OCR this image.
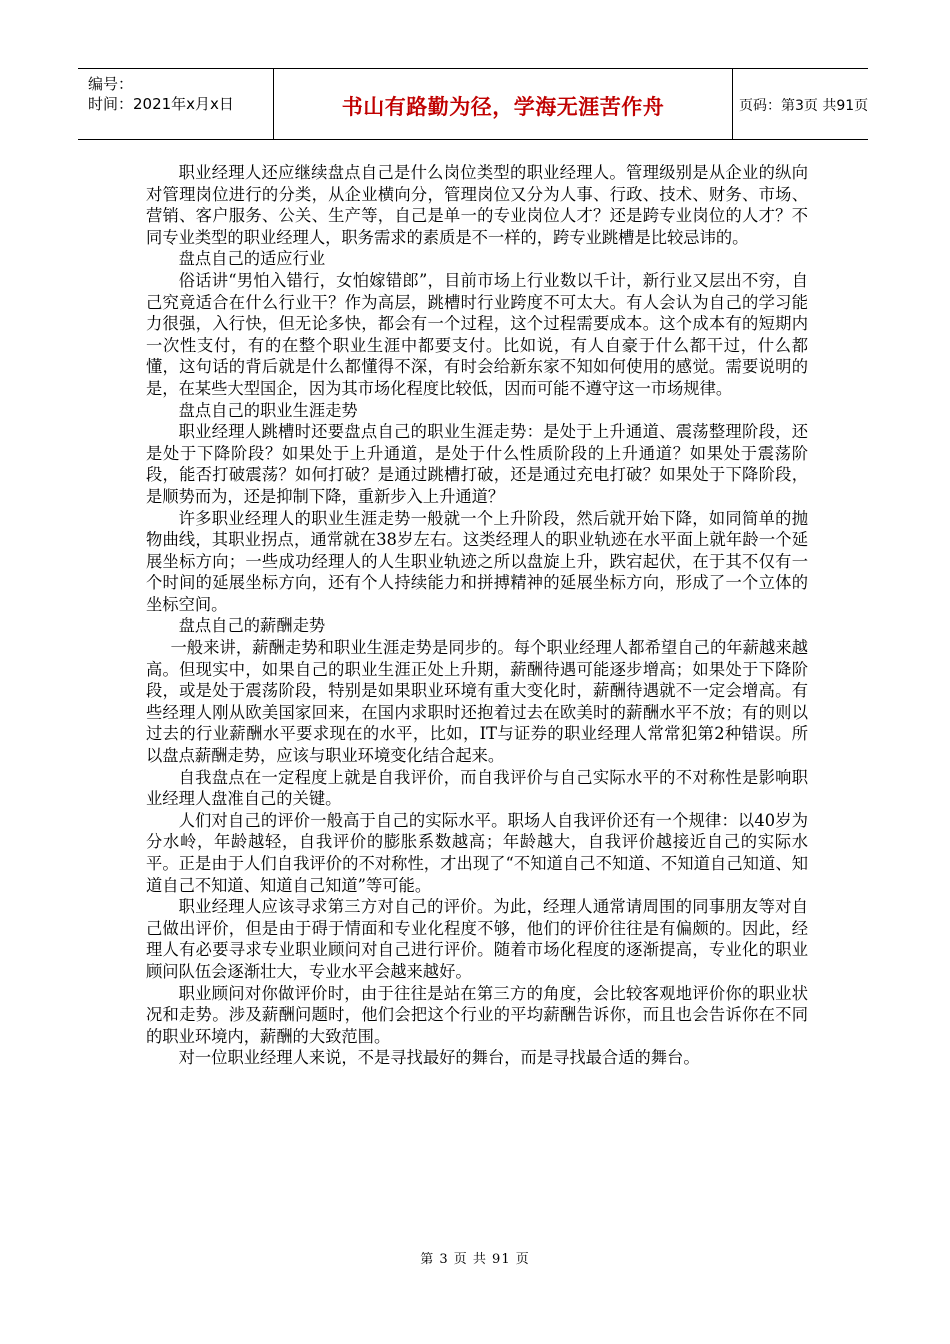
编号：
时间：2021年x月x日	书山有路勤为径，学海无涯苦作舟	页码：第3页 共91页

职业经理人还应继续盘点自己是什么岗位类型的职业经理人。管理级别是从企业的纵向对管理岗位进行的分类，从企业横向分，管理岗位又分为人事、行政、技术、财务、市场、营销、客户服务、公关、生产等，自己是单一的专业岗位人才？还是跨专业岗位的人才？不同专业类型的职业经理人，职务需求的素质是不一样的，跨专业跳槽是比较忌讳的。

盘点自己的适应行业

俗话讲“男怕入错行，女怕嫁错郎”，目前市场上行业数以千计，新行业又层出不穷，自己究竟适合在什么行业干？作为高层，跳槽时行业跨度不可太大。有人会认为自己的学习能力很强，入行快，但无论多快，都会有一个过程，这个过程需要成本。这个成本有的短期内一次性支付，有的在整个职业生涯中都要支付。比如说，有人自豪于什么都干过，什么都懂，这句话的背后就是什么都懂得不深，有时会给新东家不知如何使用的感觉。需要说明的是，在某些大型国企，因为其市场化程度比较低，因而可能不遵守这一市场规律。

盘点自己的职业生涯走势

职业经理人跳槽时还要盘点自己的职业生涯走势：是处于上升通道、震荡整理阶段，还是处于下降阶段？如果处于上升通道，是处于什么性质阶段的上升通道？如果处于震荡阶段，能否打破震荡？如何打破？是通过跳槽打破，还是通过充电打破？如果处于下降阶段，是顺势而为，还是抑制下降，重新步入上升通道？

许多职业经理人的职业生涯走势一般就一个上升阶段，然后就开始下降，如同简单的抛物曲线，其职业拐点，通常就在38岁左右。这类经理人的职业轨迹在水平面上就年龄一个延展坐标方向；一些成功经理人的人生职业轨迹之所以盘旋上升，跌宕起伏，在于其不仅有一个时间的延展坐标方向，还有个人持续能力和拼搏精神的延展坐标方向，形成了一个立体的坐标空间。

盘点自己的薪酬走势

一般来讲，薪酬走势和职业生涯走势是同步的。每个职业经理人都希望自己的年薪越来越高。但现实中，如果自己的职业生涯正处上升期，薪酬待遇可能逐步增高；如果处于下降阶段，或是处于震荡阶段，特别是如果职业环境有重大变化时，薪酬待遇就不一定会增高。有些经理人刚从欧美国家回来，在国内求职时还抱着过去在欧美时的薪酬水平不放；有的则以过去的行业薪酬水平要求现在的水平，比如，IT与证券的职业经理人常常犯第2种错误。所以盘点薪酬走势，应该与职业环境变化结合起来。

自我盘点在一定程度上就是自我评价，而自我评价与自己实际水平的不对称性是影响职业经理人盘准自己的关键。

人们对自己的评价一般高于自己的实际水平。职场人自我评价还有一个规律：以40岁为分水岭，年龄越轻，自我评价的膨胀系数越高；年龄越大，自我评价越接近自己的实际水平。正是由于人们自我评价的不对称性，才出现了“不知道自己不知道、不知道自己知道、知道自己不知道、知道自己知道”等可能。

职业经理人应该寻求第三方对自己的评价。为此，经理人通常请周围的同事朋友等对自己做出评价，但是由于碍于情面和专业化程度不够，他们的评价往往是有偏颇的。因此，经理人有必要寻求专业职业顾问对自己进行评价。随着市场化程度的逐渐提高，专业化的职业顾问队伍会逐渐壮大，专业水平会越来越好。

职业顾问对你做评价时，由于往往是站在第三方的角度，会比较客观地评价你的职业状况和走势。涉及薪酬问题时，他们会把这个行业的平均薪酬告诉你，而且也会告诉你在不同的职业环境内，薪酬的大致范围。

对一位职业经理人来说，不是寻找最好的舞台，而是寻找最合适的舞台。

第 3 页 共 91 页
